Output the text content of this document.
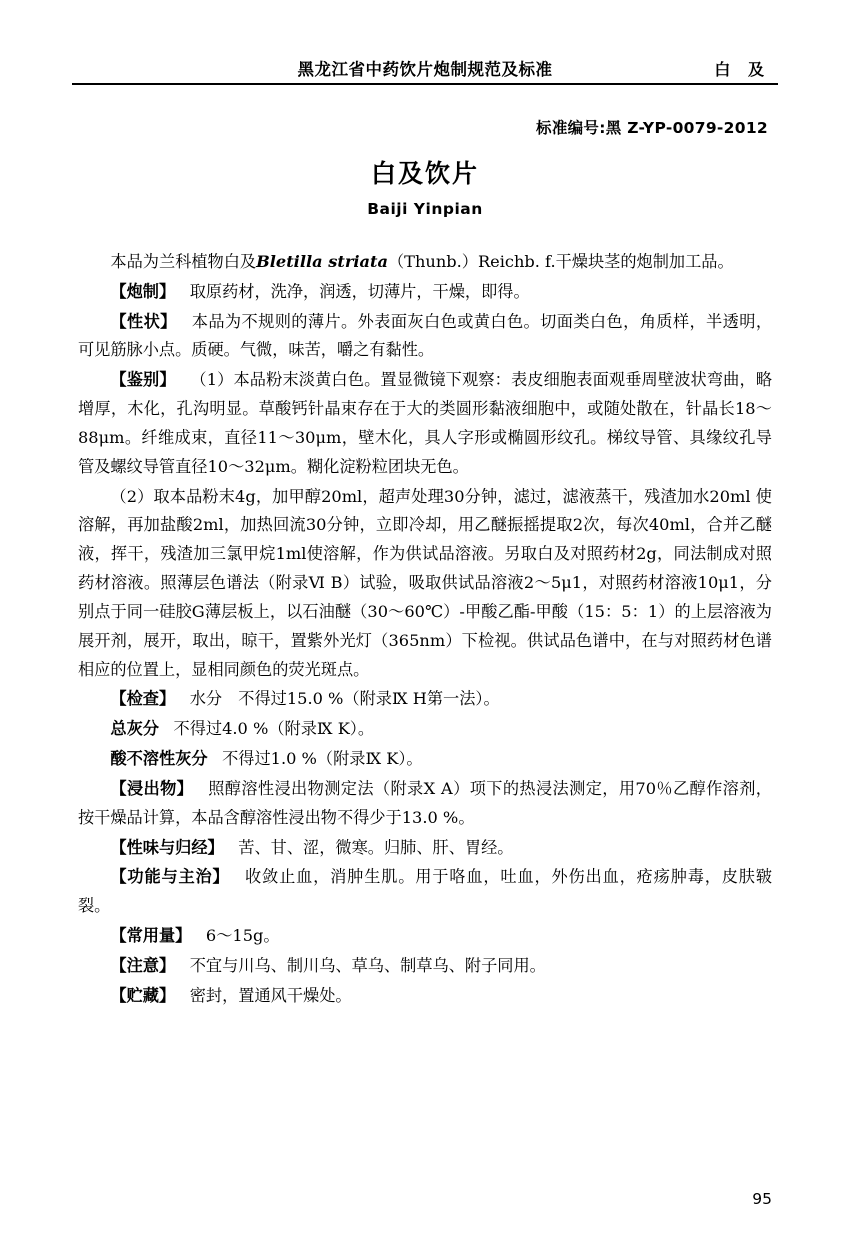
黑龙江省中药饮片炮制规范及标准	白 及
标准编号:黑 Z-YP-0079-2012
白及饮片
Baiji Yinpian

本品为兰科植物白及Bletilla striata（Thunb.）Reichb. f.干燥块茎的炮制加工品。

【炮制】 取原药材，洗净，润透，切薄片，干燥，即得。

【性状】 本品为不规则的薄片。外表面灰白色或黄白色。切面类白色，角质样，半透明，可见筋脉小点。质硬。气微，味苦，嚼之有黏性。

【鉴别】 （1）本品粉末淡黄白色。置显微镜下观察：表皮细胞表面观垂周壁波状弯曲，略增厚，木化，孔沟明显。草酸钙针晶束存在于大的类圆形黏液细胞中，或随处散在，针晶长18～88μm。纤维成束，直径11～30μm，壁木化，具人字形或椭圆形纹孔。梯纹导管、具缘纹孔导管及螺纹导管直径10～32μm。糊化淀粉粒团块无色。

（2）取本品粉末4g，加甲醇20ml，超声处理30分钟，滤过，滤液蒸干，残渣加水20ml 使溶解，再加盐酸2ml，加热回流30分钟，立即冷却，用乙醚振摇提取2次，每次40ml，合并乙醚液，挥干，残渣加三氯甲烷1ml使溶解，作为供试品溶液。另取白及对照药材2g，同法制成对照药材溶液。照薄层色谱法（附录Ⅵ B）试验，吸取供试品溶液2～5μ1，对照药材溶液10μ1，分别点于同一硅胶G薄层板上，以石油醚（30～60℃）-甲酸乙酯-甲酸（15：5：1）的上层溶液为展开剂，展开，取出，晾干，置紫外光灯（365nm）下检视。供试品色谱中，在与对照药材色谱相应的位置上，显相同颜色的荧光斑点。

【检查】 水分　不得过15.0 %（附录Ⅸ H第一法）。

总灰分 不得过4.0 %（附录Ⅸ K）。

酸不溶性灰分 不得过1.0 %（附录Ⅸ K）。

【浸出物】 照醇溶性浸出物测定法（附录Ⅹ A）项下的热浸法测定，用70％乙醇作溶剂，按干燥品计算，本品含醇溶性浸出物不得少于13.0 %。

【性味与归经】 苦、甘、涩，微寒。归肺、肝、胃经。

【功能与主治】 收敛止血，消肿生肌。用于咯血，吐血，外伤出血，疮疡肿毒，皮肤皲裂。

【常用量】 6～15g。

【注意】 不宜与川乌、制川乌、草乌、制草乌、附子同用。

【贮藏】 密封，置通风干燥处。

95
